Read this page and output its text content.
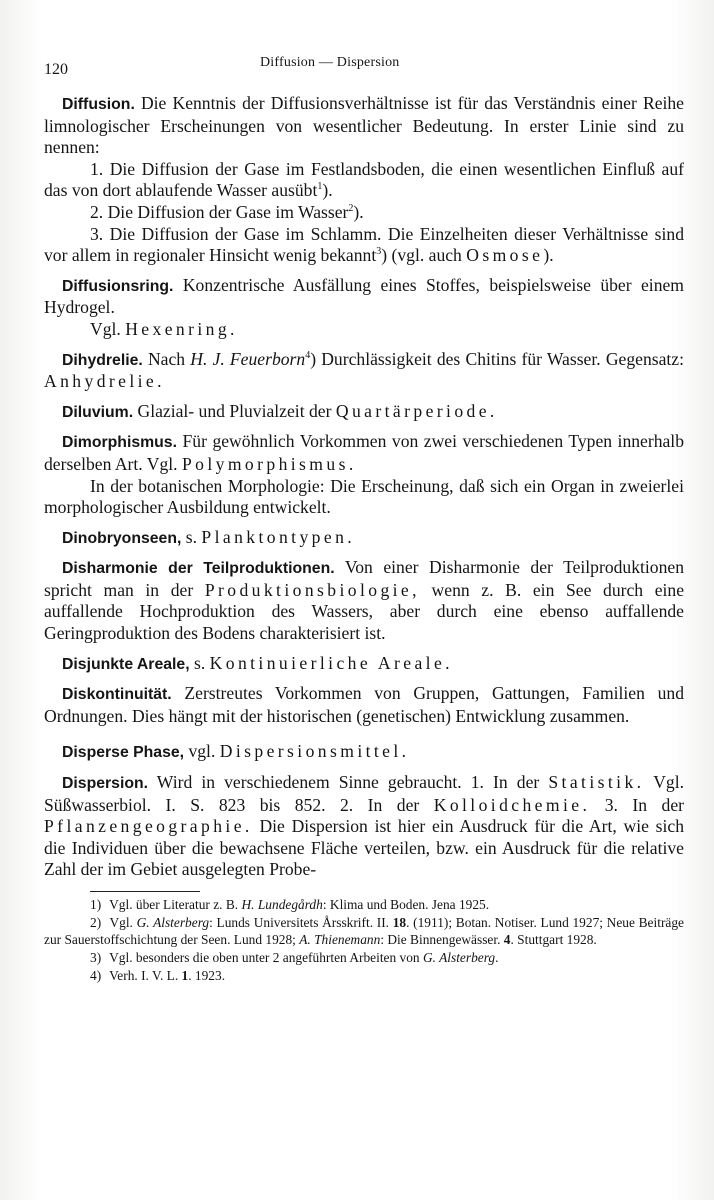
120	Diffusion — Dispersion

Diffusion. Die Kenntnis der Diffusionsverhältnisse ist für das Verständnis einer Reihe limnologischer Erscheinungen von wesentlicher Bedeutung. In erster Linie sind zu nennen:

1. Die Diffusion der Gase im Festlandsboden, die einen wesentlichen Einfluß auf das von dort ablaufende Wasser ausübt$^1$).

2. Die Diffusion der Gase im Wasser$^2$).

3. Die Diffusion der Gase im Schlamm. Die Einzelheiten dieser Verhältnisse sind vor allem in regionaler Hinsicht wenig bekannt$^3$) (vgl. auch Osmose).

Diffusionsring. Konzentrische Ausfällung eines Stoffes, beispielsweise über einem Hydrogel.

Vgl. Hexenring.

Dihydrelie. Nach H. J. Feuerborn$^4$) Durchlässigkeit des Chitins für Wasser. Gegensatz: Anhydrelie.

Diluvium. Glazial- und Pluvialzeit der Quartärperiode.

Dimorphismus. Für gewöhnlich Vorkommen von zwei verschiedenen Typen innerhalb derselben Art. Vgl. Polymorphismus.

In der botanischen Morphologie: Die Erscheinung, daß sich ein Organ in zweierlei morphologischer Ausbildung entwickelt.

Dinobryonseen, s. Planktontypen.

Disharmonie der Teilproduktionen. Von einer Disharmonie der Teilproduktionen spricht man in der Produktionsbiologie, wenn z. B. ein See durch eine auffallende Hochproduktion des Wassers, aber durch eine ebenso auffallende Geringproduktion des Bodens charakterisiert ist.

Disjunkte Areale, s. Kontinuierliche Areale.

Diskontinuität. Zerstreutes Vorkommen von Gruppen, Gattungen, Familien und Ordnungen. Dies hängt mit der historischen (genetischen) Entwicklung zusammen.

Disperse Phase, vgl. Dispersionsmittel.

Dispersion. Wird in verschiedenem Sinne gebraucht. 1. In der Statistik. Vgl. Süßwasserbiol. I. S. 823 bis 852. 2. In der Kolloidchemie. 3. In der Pflanzengeographie. Die Dispersion ist hier ein Ausdruck für die Art, wie sich die Individuen über die bewachsene Fläche verteilen, bzw. ein Ausdruck für die relative Zahl der im Gebiet ausgelegten Probe-

1) Vgl. über Literatur z. B. H. Lundegårdh: Klima und Boden. Jena 1925.

2) Vgl. G. Alsterberg: Lunds Universitets Årsskrift. II. 18. (1911); Botan. Notiser. Lund 1927; Neue Beiträge zur Sauerstoffschichtung der Seen. Lund 1928; A. Thienemann: Die Binnengewässer. 4. Stuttgart 1928.

3) Vgl. besonders die oben unter 2 angeführten Arbeiten von G. Alsterberg.

4) Verh. I. V. L. 1. 1923.
